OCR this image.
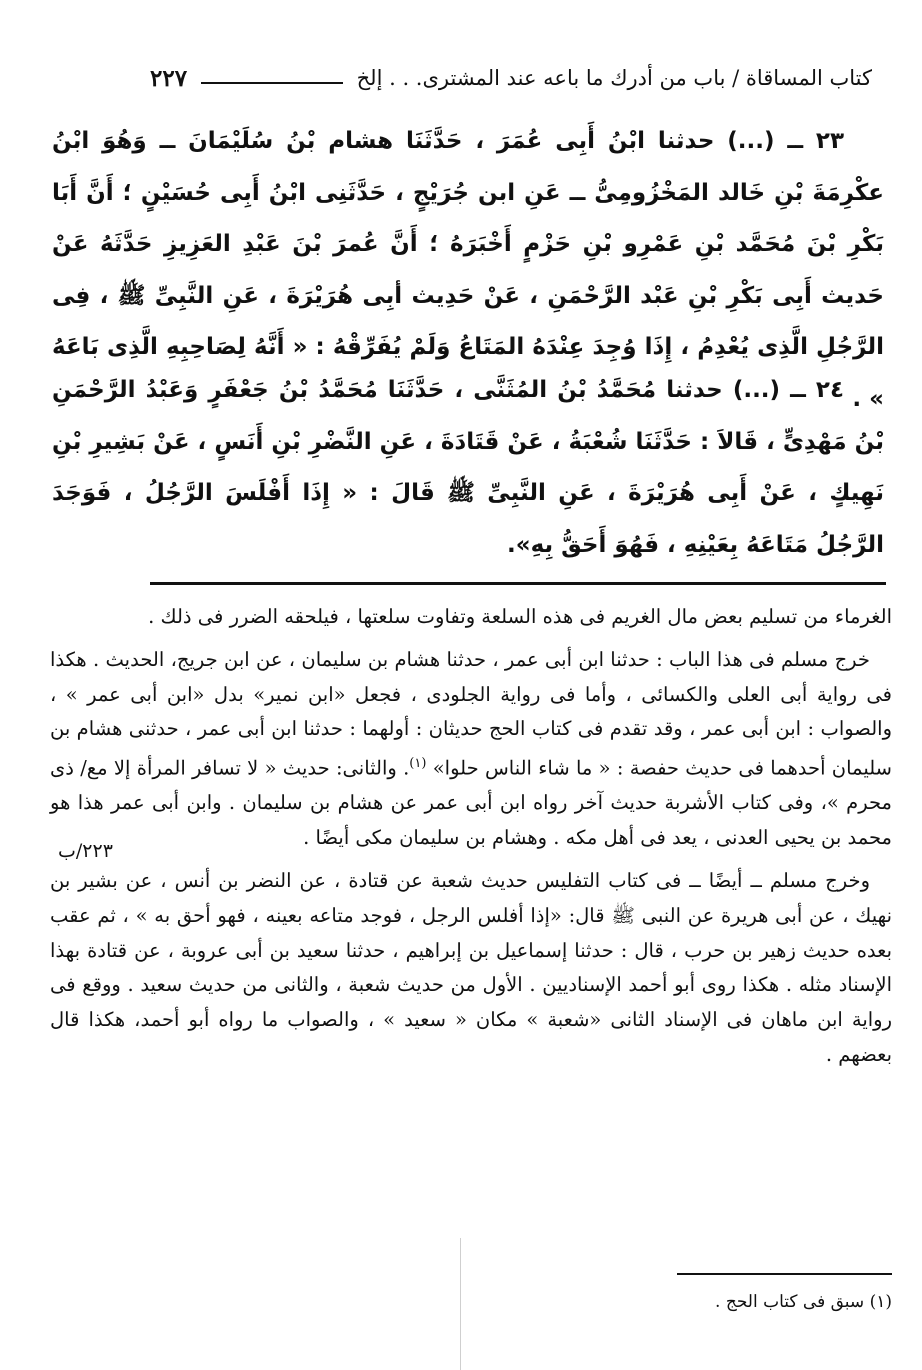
كتاب المساقاة / باب من أدرك ما باعه عند المشترى. . . إلخ
٢٢٧

٢٣ ــ (...) حدثنا ابْنُ أَبِى عُمَرَ ، حَدَّثَنَا هشام بْنُ سُلَيْمَانَ ــ وَهُوَ ابْنُ عكْرِمَةَ بْنِ خَالد المَخْزُومِىُّ ــ عَنِ ابن جُرَيْجٍ ، حَدَّثَنِى ابْنُ أَبِى حُسَيْنٍ ؛ أَنَّ أَبَا بَكْرِ بْنَ مُحَمَّد بْنِ عَمْرِو بْنِ حَزْمٍ أَخْبَرَهُ ؛ أَنَّ عُمرَ بْنَ عَبْدِ العَزِيزِ حَدَّثَهُ عَنْ حَديث أَبِى بَكْرِ بْنِ عَبْد الرَّحْمَنِ ، عَنْ حَدِيث أبِى هُرَيْرَةَ ، عَنِ النَّبِىِّ ﷺ ، فِى الرَّجُلِ الَّذِى يُعْدِمُ ، إِذَا وُجِدَ عِنْدَهُ المَتَاعُ وَلَمْ يُفَرِّقْهُ : « أَنَّهُ لِصَاحِبِهِ الَّذِى بَاعَهُ » .

٢٤ ــ (...) حدثنا مُحَمَّدُ بْنُ المُثَنَّى ، حَدَّثَنَا مُحَمَّدُ بْنُ جَعْفَرٍ وَعَبْدُ الرَّحْمَنِ بْنُ مَهْدِىٍّ ، قَالاَ : حَدَّثَنَا شُعْبَةُ ، عَنْ قَتَادَةَ ، عَنِ النَّضْرِ بْنِ أَنَسٍ ، عَنْ بَشِيرِ بْنِ نَهِيكٍ ، عَنْ أَبِى هُرَيْرَةَ ، عَنِ النَّبِىِّ ﷺ قَالَ : « إِذَا أَفْلَسَ الرَّجُلُ ، فَوَجَدَ الرَّجُلُ مَتَاعَهُ بِعَيْنِهِ ، فَهُوَ أَحَقُّ بِهِ».

الغرماء من تسليم بعض مال الغريم فى هذه السلعة وتفاوت سلعتها ، فيلحقه الضرر فى ذلك .

خرج مسلم فى هذا الباب : حدثنا ابن أبى عمر ، حدثنا هشام بن سليمان ، عن ابن جريج، الحديث . هكذا فى رواية أبى العلى والكسائى ، وأما فى رواية الجلودى ، فجعل «ابن نمير» بدل «ابن أبى عمر » ، والصواب : ابن أبى عمر ، وقد تقدم فى كتاب الحج حديثان : أولهما : حدثنا ابن أبى عمر ، حدثنى هشام بن سليمان أحدهما فى حديث حفصة : « ما شاء الناس حلوا» $^{(١)}$. والثانى: حديث « لا تسافر المرأة إلا مع/ ذى محرم »، وفى كتاب الأشربة حديث آخر رواه ابن أبى عمر عن هشام بن سليمان . وابن أبى عمر هذا هو محمد بن يحيى العدنى ، يعد فى أهل مكه . وهشام بن سليمان مكى أيضًا .

وخرج مسلم ــ أيضًا ــ فى كتاب التفليس حديث شعبة عن قتادة ، عن النضر بن أنس ، عن بشير بن نهيك ، عن أبى هريرة عن النبى ﷺ قال: «إذا أفلس الرجل ، فوجد متاعه بعينه ، فهو أحق به » ، ثم عقب بعده حديث زهير بن حرب ، قال : حدثنا إسماعيل بن إبراهيم ، حدثنا سعيد بن أبى عروبة ، عن قتادة بهذا الإسناد مثله . هكذا روى أبو أحمد الإسناديين . الأول من حديث شعبة ، والثانى من حديث سعيد . ووقع فى رواية ابن ماهان فى الإسناد الثانى «شعبة » مكان « سعيد » ، والصواب ما رواه أبو أحمد، هكذا قال بعضهم .

٢٢٣/ب
(١) سبق فى كتاب الحج .
